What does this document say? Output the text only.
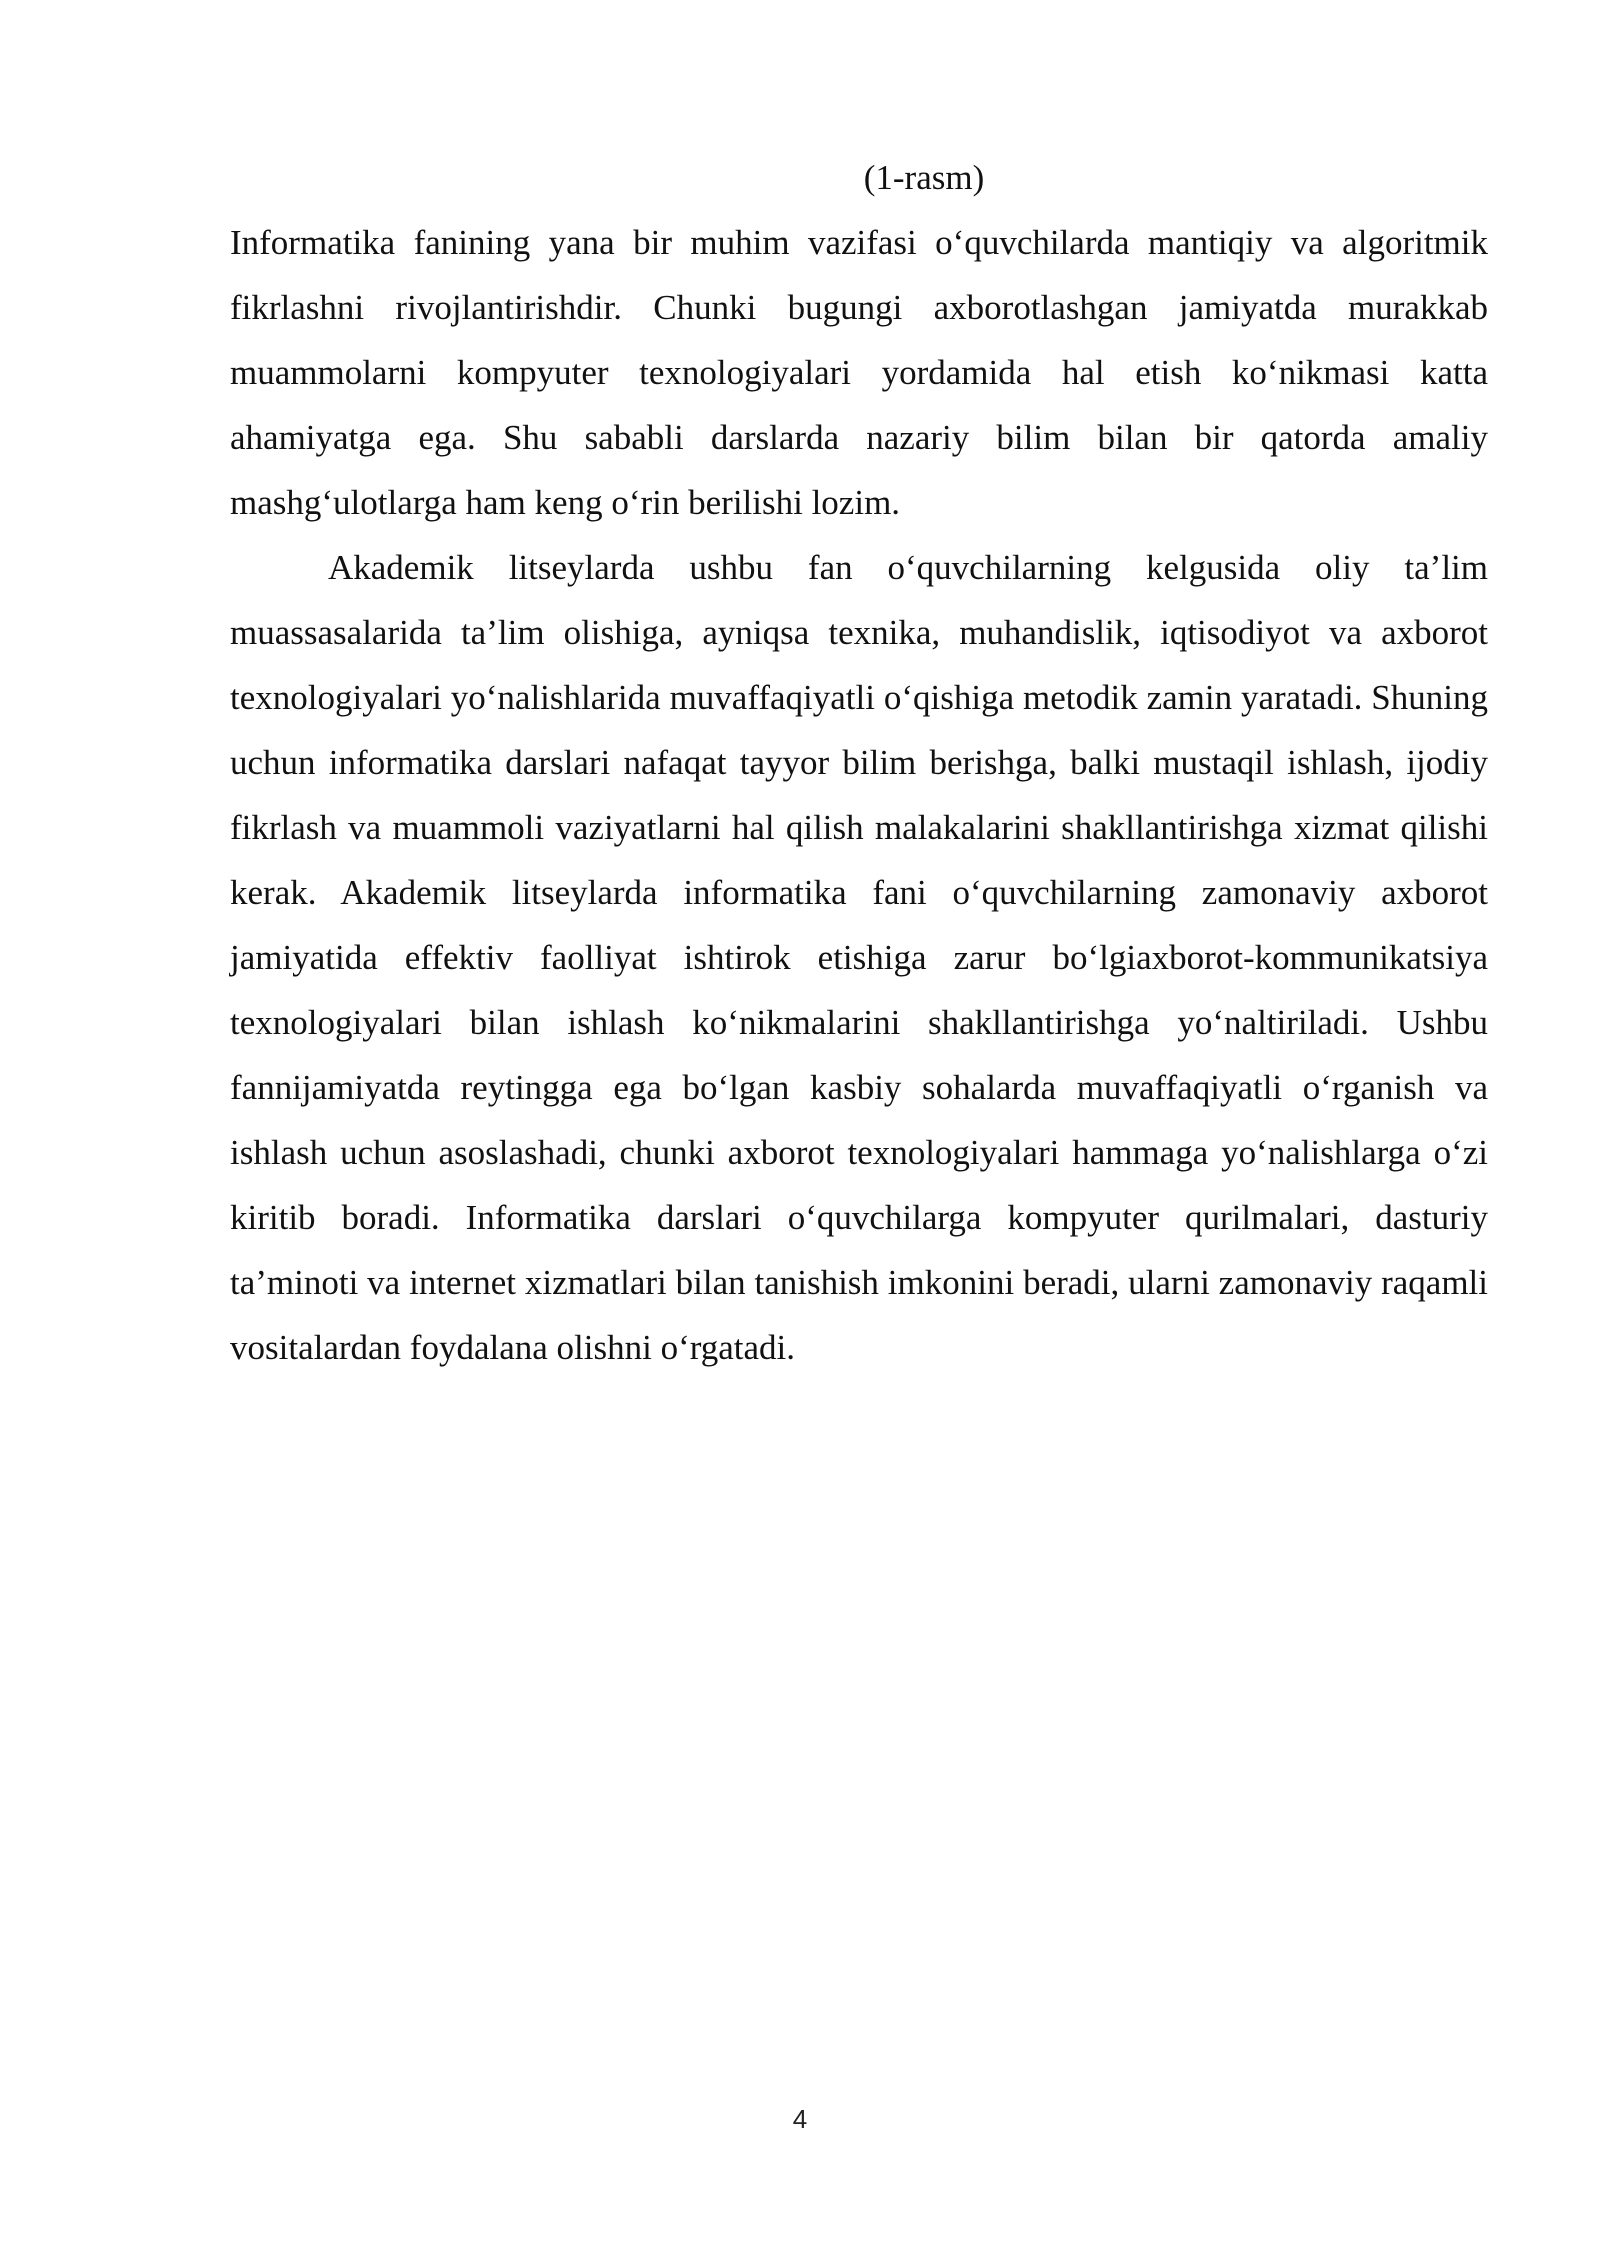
(1-rasm)

Informatika fanining yana bir muhim vazifasi o‘quvchilarda mantiqiy va algoritmik fikrlashni rivojlantirishdir. Chunki bugungi axborotlashgan jamiyatda murakkab muammolarni kompyuter texnologiyalari yordamida hal etish ko‘nikmasi katta ahamiyatga ega. Shu sababli darslarda nazariy bilim bilan bir qatorda amaliy mashg‘ulotlarga ham keng o‘rin berilishi lozim.

Akademik litseylarda ushbu fan o‘quvchilarning kelgusida oliy ta’lim muassasalarida ta’lim olishiga, ayniqsa texnika, muhandislik, iqtisodiyot va axborot texnologiyalari yo‘nalishlarida muvaffaqiyatli o‘qishiga metodik zamin yaratadi. Shuning uchun informatika darslari nafaqat tayyor bilim berishga, balki mustaqil ishlash, ijodiy fikrlash va muammoli vaziyatlarni hal qilish malakalarini shakllantirishga xizmat qilishi kerak. Akademik litseylarda informatika fani o‘quvchilarning zamonaviy axborot jamiyatida effektiv faolliyat ishtirok etishiga zarur bo‘lgiaxborot-kommunikatsiya texnologiyalari bilan ishlash ko‘nikmalarini shakllantirishga yo‘naltiriladi. Ushbu fannijamiyatda reytingga ega bo‘lgan kasbiy sohalarda muvaffaqiyatli o‘rganish va ishlash uchun asoslashadi, chunki axborot texnologiyalari hammaga yo‘nalishlarga o‘zi kiritib boradi. Informatika darslari o‘quvchilarga kompyuter qurilmalari, dasturiy ta’minoti va internet xizmatlari bilan tanishish imkonini beradi, ularni zamonaviy raqamli vositalardan foydalana olishni o‘rgatadi.

4
